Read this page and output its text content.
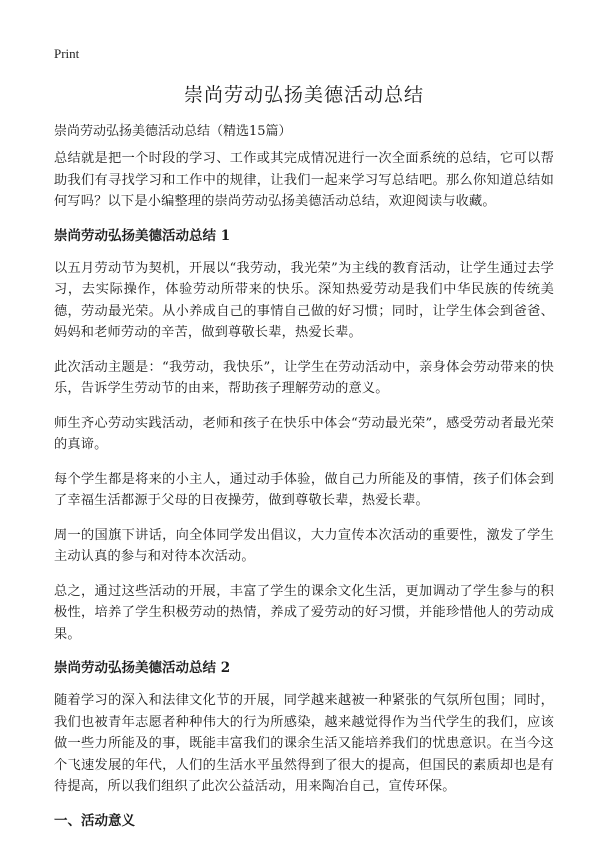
Print
崇尚劳动弘扬美德活动总结

崇尚劳动弘扬美德活动总结（精选15篇）

总结就是把一个时段的学习、工作或其完成情况进行一次全面系统的总结，它可以帮助我们有寻找学习和工作中的规律，让我们一起来学习写总结吧。那么你知道总结如何写吗？以下是小编整理的崇尚劳动弘扬美德活动总结，欢迎阅读与收藏。

崇尚劳动弘扬美德活动总结 1

以五月劳动节为契机，开展以“我劳动，我光荣”为主线的教育活动，让学生通过去学习，去实际操作，体验劳动所带来的快乐。深知热爱劳动是我们中华民族的传统美德，劳动最光荣。从小养成自己的事情自己做的好习惯；同时，让学生体会到爸爸、妈妈和老师劳动的辛苦，做到尊敬长辈，热爱长辈。

此次活动主题是：“我劳动，我快乐”，让学生在劳动活动中，亲身体会劳动带来的快乐，告诉学生劳动节的由来，帮助孩子理解劳动的意义。

师生齐心劳动实践活动，老师和孩子在快乐中体会“劳动最光荣”，感受劳动者最光荣的真谛。

每个学生都是将来的小主人，通过动手体验，做自己力所能及的事情，孩子们体会到了幸福生活都源于父母的日夜操劳，做到尊敬长辈，热爱长辈。

周一的国旗下讲话，向全体同学发出倡议，大力宣传本次活动的重要性，激发了学生主动认真的参与和对待本次活动。

总之，通过这些活动的开展，丰富了学生的课余文化生活，更加调动了学生参与的积极性，培养了学生积极劳动的热情，养成了爱劳动的好习惯，并能珍惜他人的劳动成果。

崇尚劳动弘扬美德活动总结 2

随着学习的深入和法律文化节的开展，同学越来越被一种紧张的气氛所包围；同时，我们也被青年志愿者种种伟大的行为所感染，越来越觉得作为当代学生的我们，应该做一些力所能及的事，既能丰富我们的课余生活又能培养我们的忧患意识。在当今这个飞速发展的年代，人们的生活水平虽然得到了很大的提高，但国民的素质却也是有待提高，所以我们组织了此次公益活动，用来陶冶自己，宣传环保。

一、活动意义
